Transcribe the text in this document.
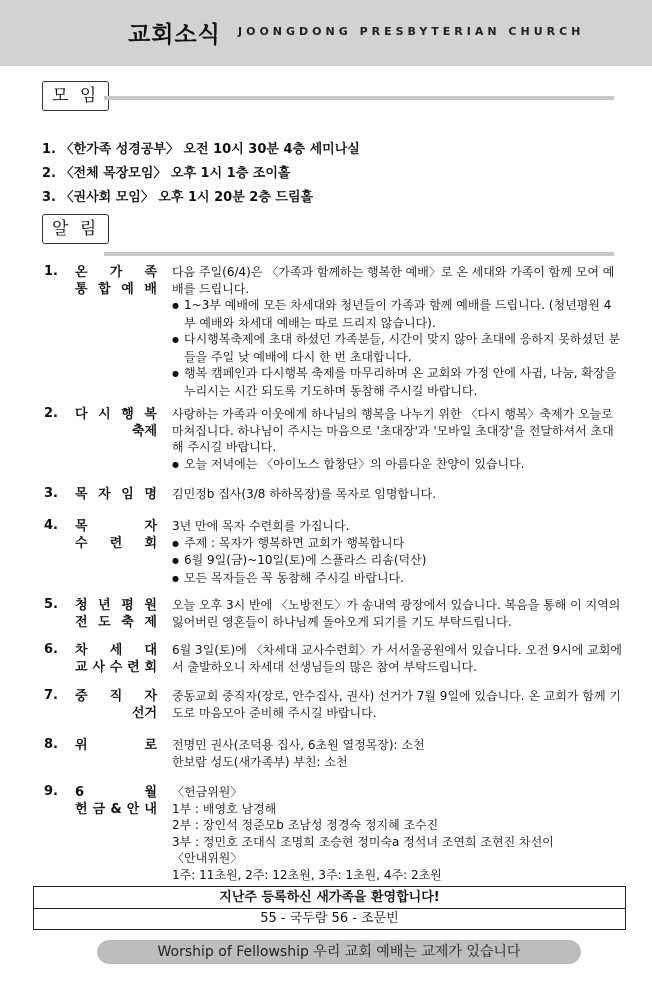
교회소식 JOONGDONG PRESBYTERIAN CHURCH
모 임
1. 〈한가족 성경공부〉 오전 10시 30분 4층 세미나실
2. 〈전체 목장모임〉 오후 1시 1층 조이홀
3. 〈권사회 모임〉 오후 1시 20분 2층 드림홀
알 림
1. 온 가 족
통 합 예 배
다음 주일(6/4)은 〈가족과 함께하는 행복한 예배〉로 온 세대와 가족이 함께 모여 예배를 드립니다.
● 1~3부 예배에 모든 차세대와 청년들이 가족과 함께 예배를 드립니다. (청년평원 4부 예배와 차세대 예배는 따로 드리지 않습니다).
● 다시행복축제에 초대 하셨던 가족분들, 시간이 맞지 않아 초대에 응하지 못하셨던 분들을 주일 낮 예배에 다시 한 번 초대합니다.
● 행복 캠페인과 다시행복 축제를 마무리하며 온 교회와 가정 안에 사귐, 나눔, 확장을 누리시는 시간 되도록 기도하며 동참해 주시길 바랍니다.
2. 다 시 행 복
축 제
사랑하는 가족과 이웃에게 하나님의 행복을 나누기 위한 〈다시 행복〉축제가 오늘로 마쳐집니다. 하나님이 주시는 마음으로 '초대장'과 '모바일 초대장'을 전달하셔서 초대해 주시길 바랍니다.
● 오늘 저녁에는 〈아이노스 합창단〉의 아름다운 찬양이 있습니다.
3. 목 자 임 명 김민정b 집사(3/8 하하목장)를 목자로 임명합니다.
4. 목	자
수 련 회
3년 만에 목자 수련회를 가집니다.
● 주제 : 목자가 행복하면 교회가 행복합니다
● 6월 9일(금)~10일(토)에 스플라스 리솜(덕산)
● 모든 목자들은 꼭 동참해 주시길 바랍니다.
5. 청 년 평 원
전 도 축 제
오늘 오후 3시 반에 〈노방전도〉가 송내역 광장에서 있습니다. 복음을 통해 이 지역의 잃어버린 영혼들이 하나님께 돌아오게 되기를 기도 부탁드립니다.
6. 차 세 대
교 사 수 련 회
6월 3일(토)에 〈차세대 교사수련회〉가 서서울공원에서 있습니다. 오전 9시에 교회에서 출발하오니 차세대 선생님들의 많은 참여 부탁드립니다.
7. 중 직 자
선 거
중동교회 중직자(장로, 안수집사, 권사) 선거가 7월 9일에 있습니다. 온 교회가 함께 기도로 마음모아 준비해 주시길 바랍니다.
8. 위	로 전명민 권사(조덕용 집사, 6초원 열정목장): 소천
한보람 성도(새가족부) 부친: 소천
9. 6	월
헌 금 & 안 내
〈헌금위원〉
1부 : 배영호 남경해
2부 : 장인석 정준모b 조남성 정경숙 정지혜 조수진
3부 : 정민호 조대식 조명희 조승현 정미숙a 정석녀 조연희 조현진 차선이
〈안내위원〉
1주: 11초원, 2주: 12초원, 3주: 1초원, 4주: 2초원
지난주 등록하신 새가족을 환영합니다!
55 - 국두람 56 - 조문빈
Worship of Fellowship 우리 교회 예배는 교제가 있습니다
